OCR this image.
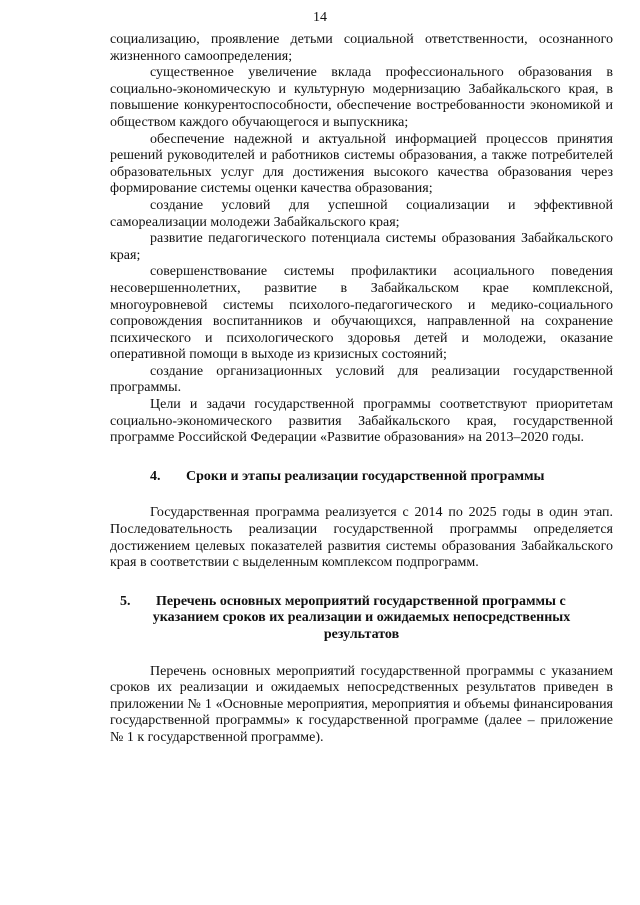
14

социализацию, проявление детьми социальной ответственности, осознанного жизненного самоопределения;

существенное увеличение вклада профессионального образования в социально-экономическую и культурную модернизацию Забайкальского края, в повышение конкурентоспособности, обеспечение востребованности экономикой и обществом каждого обучающегося и выпускника;

обеспечение надежной и актуальной информацией процессов принятия решений руководителей и работников системы образования, а также потребителей образовательных услуг для достижения высокого качества образования через формирование системы оценки качества образования;

создание условий для успешной социализации и эффективной самореализации молодежи Забайкальского края;

развитие педагогического потенциала системы образования Забайкальского края;

совершенствование системы профилактики асоциального поведения несовершеннолетних, развитие в Забайкальском крае комплексной, многоуровневой системы психолого-педагогического и медико-социального сопровождения воспитанников и обучающихся, направленной на сохранение психического и психологического здоровья детей и молодежи, оказание оперативной помощи в выходе из кризисных состояний;

создание организационных условий для реализации государственной программы.

Цели и задачи государственной программы соответствуют приоритетам социально-экономического развития Забайкальского края, государственной программе Российской Федерации «Развитие образования» на 2013–2020 годы.

4. Сроки и этапы реализации государственной программы

Государственная программа реализуется с 2014 по 2025 годы в один этап. Последовательность реализации государственной программы определяется достижением целевых показателей развития системы образования Забайкальского края в соответствии с выделенным комплексом подпрограмм.

5. Перечень основных мероприятий государственной программы с
указанием сроков их реализации и ожидаемых непосредственных
результатов

Перечень основных мероприятий государственной программы с указанием сроков их реализации и ожидаемых непосредственных результатов приведен в приложении № 1 «Основные мероприятия, мероприятия и объемы финансирования государственной программы» к государственной программе (далее – приложение № 1 к государственной программе).
